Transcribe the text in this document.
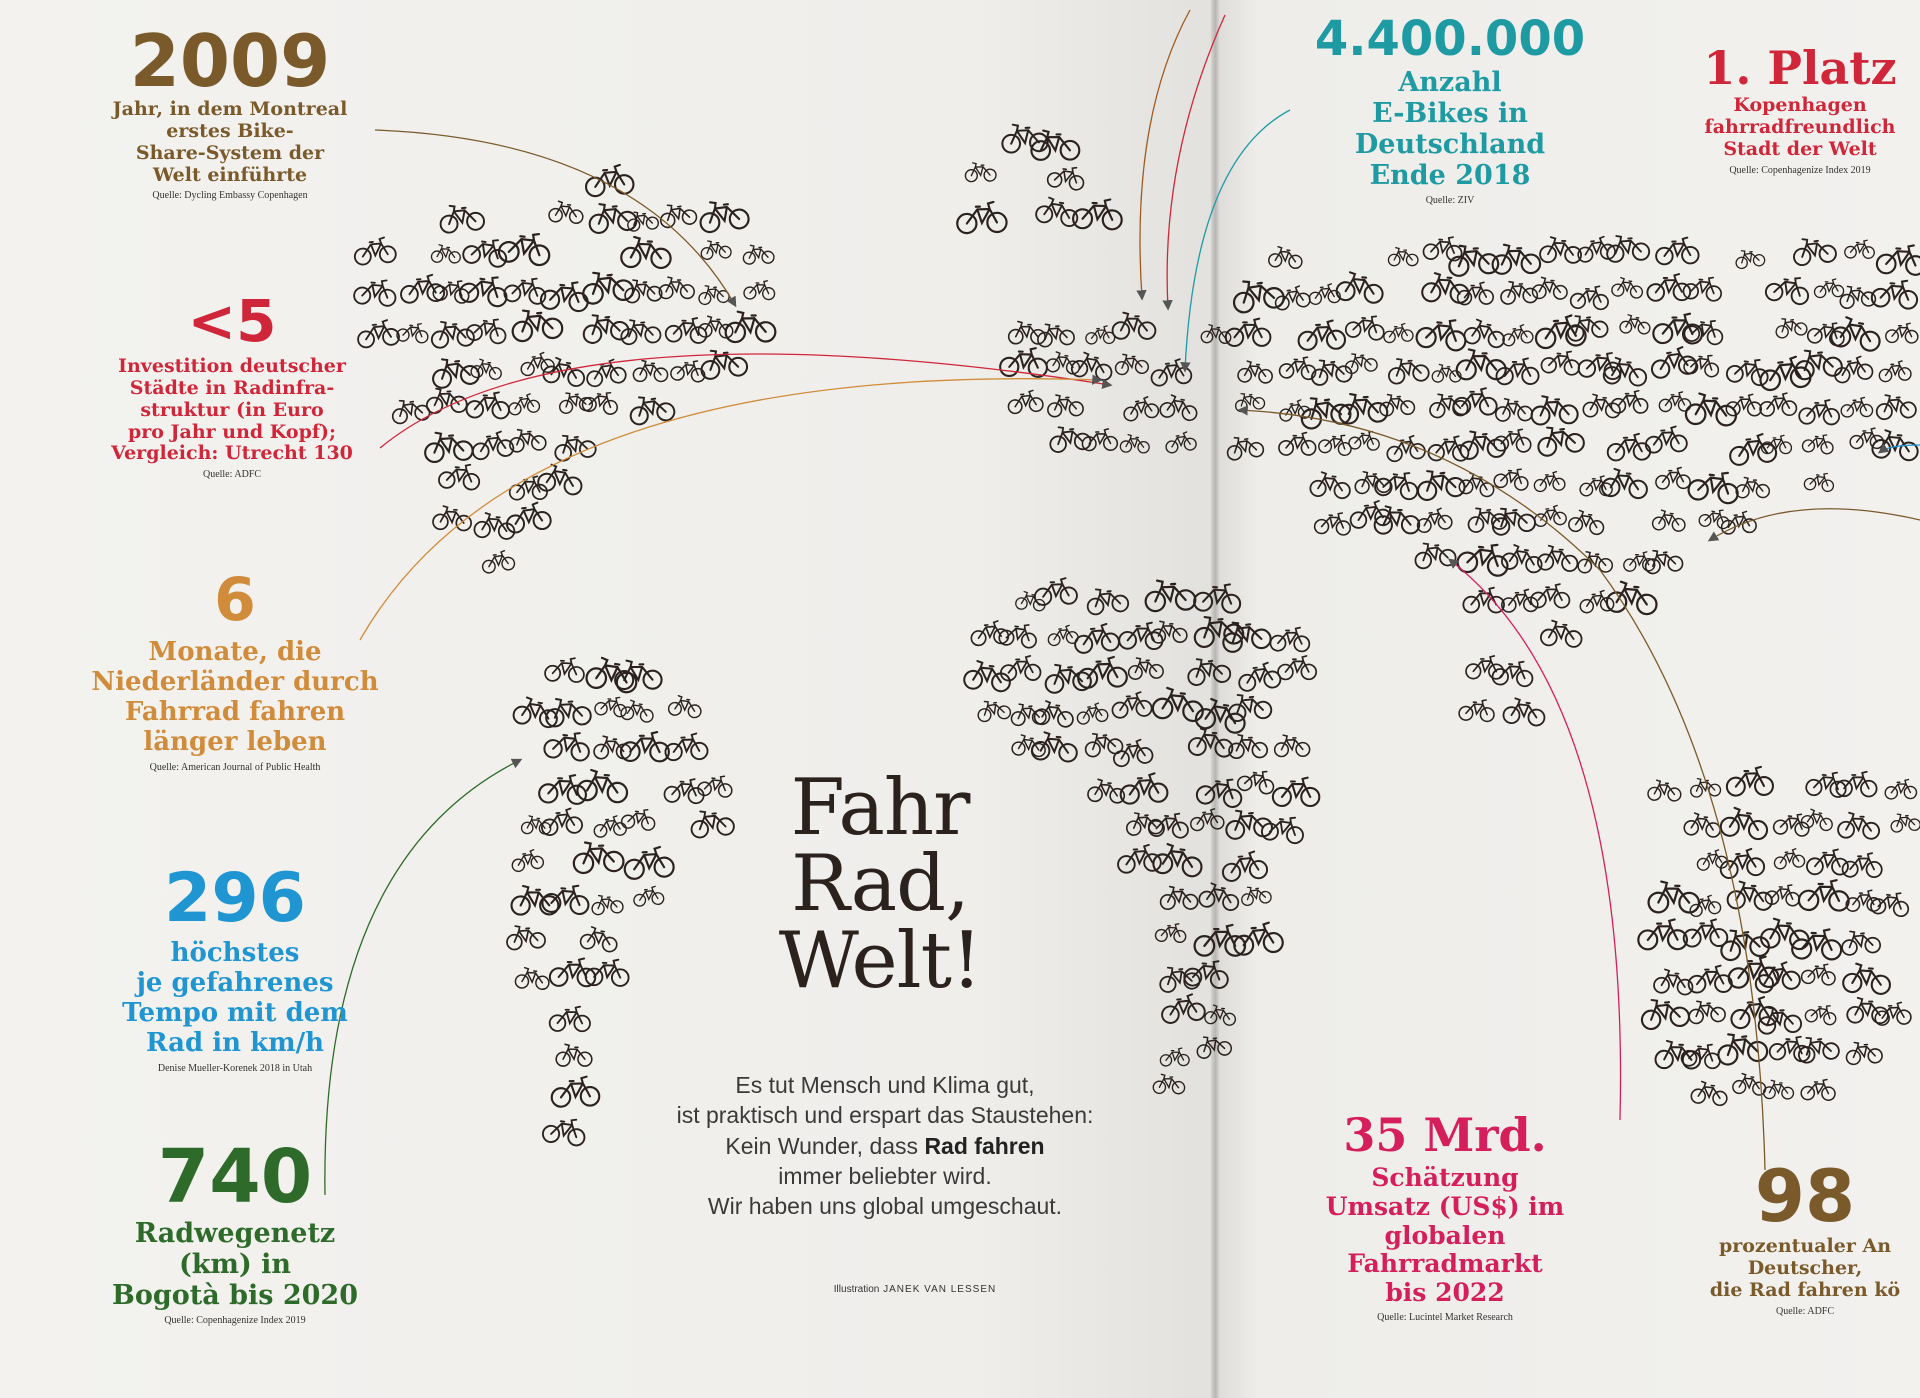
2009
Jahr, in dem Montreal
erstes Bike-
Share-System der
Welt einführte
Quelle: Dycling Embassy Copenhagen
<5
Investition deutscher
Städte in Radinfra-
struktur (in Euro
pro Jahr und Kopf);
Vergleich: Utrecht 130
Quelle: ADFC
6
Monate, die
Niederländer durch
Fahrrad fahren
länger leben
Quelle: American Journal of Public Health
296
höchstes
je gefahrenes
Tempo mit dem
Rad in km/h
Denise Mueller-Korenek 2018 in Utah
740
Radwegenetz
(km) in
Bogotà bis 2020
Quelle: Copenhagenize Index 2019
4.400.000
Anzahl
E-Bikes in
Deutschland
Ende 2018
Quelle: ZIV
1. Platz
Kopenhagen
fahrradfreundlich
Stadt der Welt
Quelle: Copenhagenize Index 2019
35 Mrd.
Schätzung
Umsatz (US$) im
globalen
Fahrradmarkt
bis 2022
Quelle: Lucintel Market Research
98
prozentualer An
Deutscher,
die Rad fahren kö
Quelle: ADFC
Fahr
Rad,
Welt!
Es tut Mensch und Klima gut,
ist praktisch und erspart das Staustehen:
Kein Wunder, dass Rad fahren
immer beliebter wird.
Wir haben uns global umgeschaut.
Illustration JANEK VAN LESSEN
